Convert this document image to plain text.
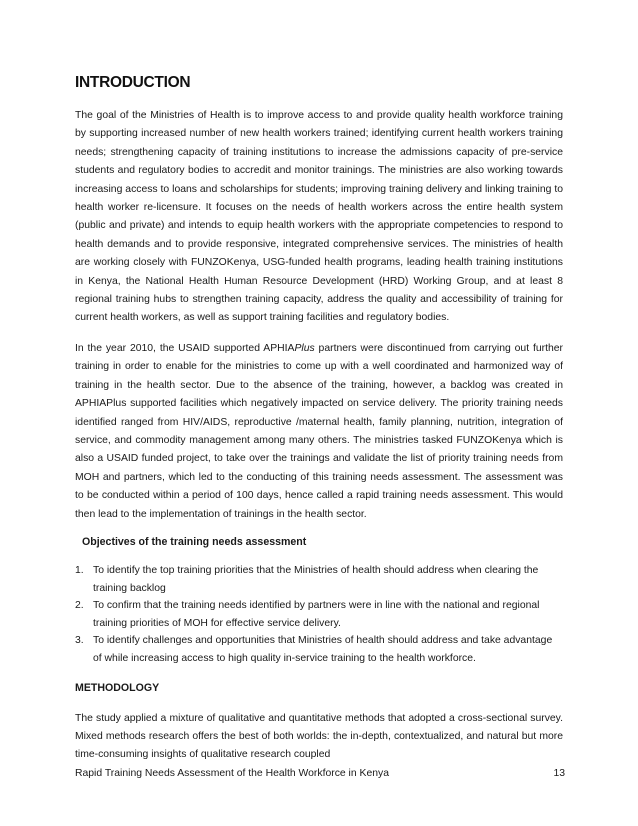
INTRODUCTION

The goal of the Ministries of Health is to improve access to and provide quality health workforce training by supporting increased number of new health workers trained; identifying current health workers training needs; strengthening capacity of training institutions to increase the admissions capacity of pre-service students and regulatory bodies to accredit and monitor trainings. The ministries are also working towards increasing access to loans and scholarships for students; improving training delivery and linking training to health worker re-licensure. It focuses on the needs of health workers across the entire health system (public and private) and intends to equip health workers with the appropriate competencies to respond to health demands and to provide responsive, integrated comprehensive services. The ministries of health are working closely with FUNZOKenya, USG-funded health programs, leading health training institutions in Kenya, the National Health Human Resource Development (HRD) Working Group, and at least 8 regional training hubs to strengthen training capacity, address the quality and accessibility of training for current health workers, as well as support training facilities and regulatory bodies.

In the year 2010, the USAID supported APHIAPlus partners were discontinued from carrying out further training in order to enable for the ministries to come up with a well coordinated and harmonized way of training in the health sector. Due to the absence of the training, however, a backlog was created in APHIAPlus supported facilities which negatively impacted on service delivery. The priority training needs identified ranged from HIV/AIDS, reproductive /maternal health, family planning, nutrition, integration of service, and commodity management among many others. The ministries tasked FUNZOKenya which is also a USAID funded project, to take over the trainings and validate the list of priority training needs from MOH and partners, which led to the conducting of this training needs assessment. The assessment was to be conducted within a period of 100 days, hence called a rapid training needs assessment. This would then lead to the implementation of trainings in the health sector.

Objectives of the training needs assessment
1. To identify the top training priorities that the Ministries of health should address when clearing the training backlog
2. To confirm that the training needs identified by partners were in line with the national and regional training priorities of MOH for effective service delivery.
3. To identify challenges and opportunities that Ministries of health should address and take advantage of while increasing access to high quality in-service training to the health workforce.
METHODOLOGY

The study applied a mixture of qualitative and quantitative methods that adopted a cross-sectional survey. Mixed methods research offers the best of both worlds: the in-depth, contextualized, and natural but more time-consuming insights of qualitative research coupled

Rapid Training Needs Assessment of the Health Workforce in Kenya	13
